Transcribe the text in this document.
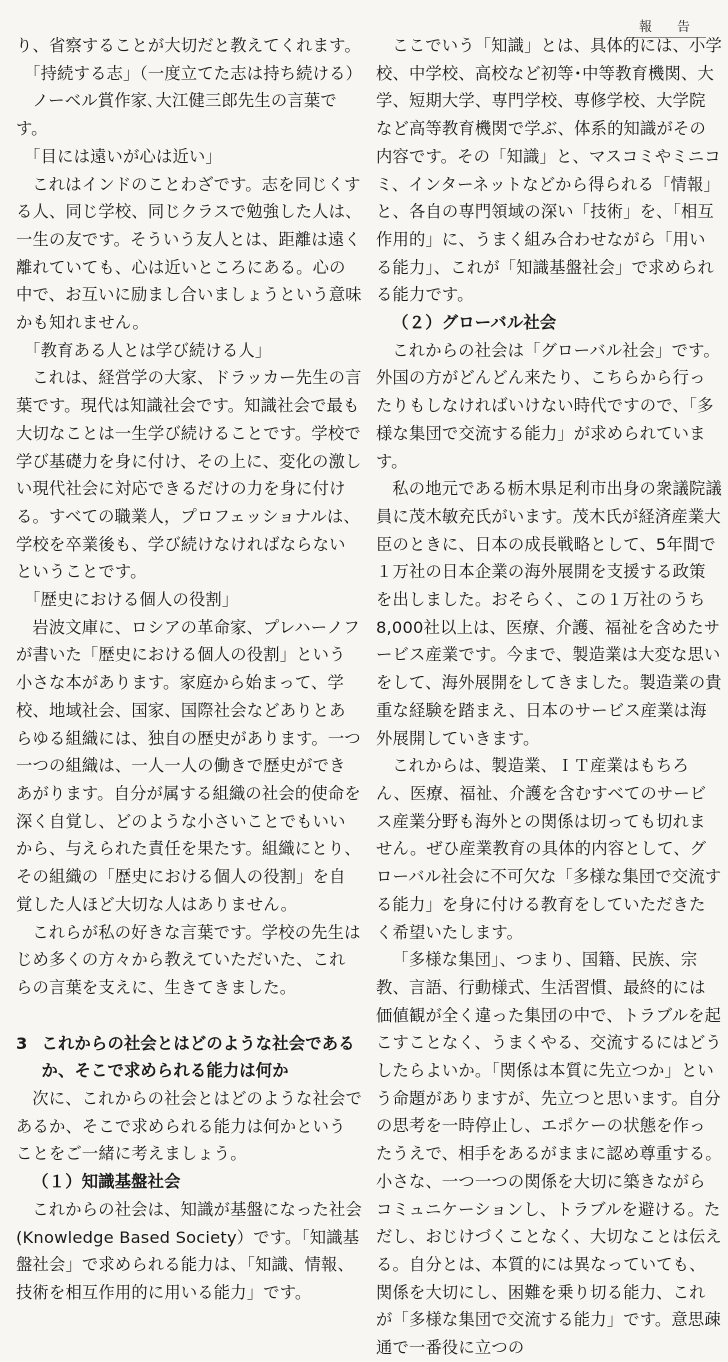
報　告

り、省察することが大切だと教えてくれます。

「持続する志」（一度立てた志は持ち続ける）

ノーベル賞作家､大江健三郎先生の言葉です。

「目には遠いが心は近い」

これはインドのことわざです。志を同じくする人、同じ学校、同じクラスで勉強した人は、一生の友です。そういう友人とは、距離は遠く離れていても、心は近いところにある。心の中で、お互いに励まし合いましょうという意味かも知れません。

「教育ある人とは学び続ける人」

これは、経営学の大家、ドラッカー先生の言葉です。現代は知識社会です。知識社会で最も大切なことは一生学び続けることです。学校で学び基礎力を身に付け、その上に、変化の激しい現代社会に対応できるだけの力を身に付ける。すべての職業人，プロフェッショナルは、学校を卒業後も、学び続けなければならないということです。

「歴史における個人の役割」

岩波文庫に、ロシアの革命家、プレハーノフが書いた「歴史における個人の役割」という小さな本があります。家庭から始まって、学校、地域社会、国家、国際社会などありとあらゆる組織には、独自の歴史があります。一つ一つの組織は、一人一人の働きで歴史ができあがります。自分が属する組織の社会的使命を深く自覚し、どのような小さいことでもいいから、与えられた責任を果たす。組織にとり、その組織の「歴史における個人の役割」を自覚した人ほど大切な人はありません。

これらが私の好きな言葉です。学校の先生はじめ多くの方々から教えていただいた、これらの言葉を支えに、生きてきました。

3 これからの社会とはどのような社会であるか、そこで求められる能力は何か

次に、これからの社会とはどのような社会であるか、そこで求められる能力は何かということをご一緒に考えましょう。

（１）知識基盤社会

これからの社会は、知識が基盤になった社会(Knowledge Based Society）です。「知識基盤社会」で求められる能力は、「知識、情報、技術を相互作用的に用いる能力」です。

ここでいう「知識」とは、具体的には、小学校、中学校、高校など初等･中等教育機関、大学、短期大学、専門学校、専修学校、大学院など高等教育機関で学ぶ、体系的知識がその内容です。その「知識」と、マスコミやミニコミ、インターネットなどから得られる「情報」と、各自の専門領域の深い「技術」を、「相互作用的」に、うまく組み合わせながら「用いる能力」、これが「知識基盤社会」で求められる能力です。

（２）グローバル社会

これからの社会は「グローバル社会」です。外国の方がどんどん来たり、こちらから行ったりもしなければいけない時代ですので、「多様な集団で交流する能力」が求められています。

私の地元である栃木県足利市出身の衆議院議員に茂木敏充氏がいます。茂木氏が経済産業大臣のときに、日本の成長戦略として、5年間で１万社の日本企業の海外展開を支援する政策を出しました。おそらく、この１万社のうち8,000社以上は、医療、介護、福祉を含めたサービス産業です。今まで、製造業は大変な思いをして、海外展開をしてきました。製造業の貴重な経験を踏まえ、日本のサービス産業は海外展開していきます。

これからは、製造業、ＩＴ産業はもちろん、医療、福祉、介護を含むすべてのサービス産業分野も海外との関係は切っても切れません。ぜひ産業教育の具体的内容として、グローバル社会に不可欠な「多様な集団で交流する能力」を身に付ける教育をしていただきたく希望いたします。

「多様な集団」、つまり、国籍、民族、宗教、言語、行動様式、生活習慣、最終的には価値観が全く違った集団の中で、トラブルを起こすことなく、うまくやる、交流するにはどうしたらよいか。「関係は本質に先立つか」という命題がありますが、先立つと思います。自分の思考を一時停止し、エポケーの状態を作ったうえで、相手をあるがままに認め尊重する。小さな、一つ一つの関係を大切に築きながらコミュニケーションし、トラブルを避ける。ただし、おじけづくことなく、大切なことは伝える。自分とは、本質的には異なっていても、関係を大切にし、困難を乗り切る能力、これが「多様な集団で交流する能力」です。意思疎通で一番役に立つの
